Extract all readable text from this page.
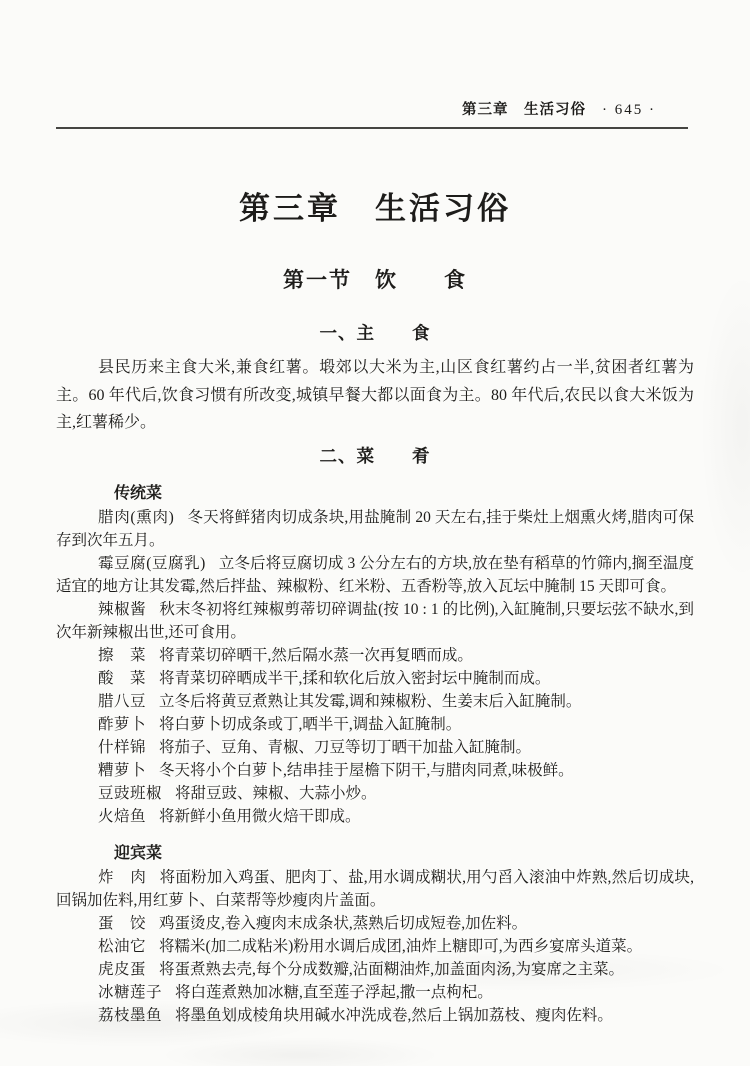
第三章　生活习俗 · 645 ·
第三章　生活习俗
第一节　饮　　食
一、主　　食

县民历来主食大米,兼食红薯。塅郊以大米为主,山区食红薯约占一半,贫困者红薯为主。60 年代后,饮食习惯有所改变,城镇早餐大都以面食为主。80 年代后,农民以食大米饭为主,红薯稀少。

二、菜　　肴
传统菜

腊肉(熏肉) 冬天将鲜猪肉切成条块,用盐腌制 20 天左右,挂于柴灶上烟熏火烤,腊肉可保存到次年五月。

霉豆腐(豆腐乳) 立冬后将豆腐切成 3 公分左右的方块,放在垫有稻草的竹筛内,搁至温度适宜的地方让其发霉,然后拌盐、辣椒粉、红米粉、五香粉等,放入瓦坛中腌制 15 天即可食。

辣椒酱 秋末冬初将红辣椒剪蒂切碎调盐(按 10 : 1 的比例),入缸腌制,只要坛弦不缺水,到次年新辣椒出世,还可食用。

擦　菜 将青菜切碎晒干,然后隔水蒸一次再复晒而成。

酸　菜 将青菜切碎晒成半干,揉和软化后放入密封坛中腌制而成。

腊八豆 立冬后将黄豆煮熟让其发霉,调和辣椒粉、生姜末后入缸腌制。

酢萝卜 将白萝卜切成条或丁,晒半干,调盐入缸腌制。

什样锦 将茄子、豆角、青椒、刀豆等切丁晒干加盐入缸腌制。

糟萝卜 冬天将小个白萝卜,结串挂于屋檐下阴干,与腊肉同煮,味极鲜。

豆豉班椒 将甜豆豉、辣椒、大蒜小炒。

火焙鱼 将新鲜小鱼用微火焙干即成。

迎宾菜

炸　肉 将面粉加入鸡蛋、肥肉丁、盐,用水调成糊状,用勺舀入滚油中炸熟,然后切成块,回锅加佐料,用红萝卜、白菜帮等炒瘦肉片盖面。

蛋　饺 鸡蛋烫皮,卷入瘦肉末成条状,蒸熟后切成短卷,加佐料。

松油它 将糯米(加二成粘米)粉用水调后成团,油炸上糖即可,为西乡宴席头道菜。

虎皮蛋 将蛋煮熟去壳,每个分成数瓣,沾面糊油炸,加盖面肉汤,为宴席之主菜。

冰糖莲子 将白莲煮熟加冰糖,直至莲子浮起,撒一点枸杞。

荔枝墨鱼 将墨鱼划成棱角块用碱水冲洗成卷,然后上锅加荔枝、瘦肉佐料。
